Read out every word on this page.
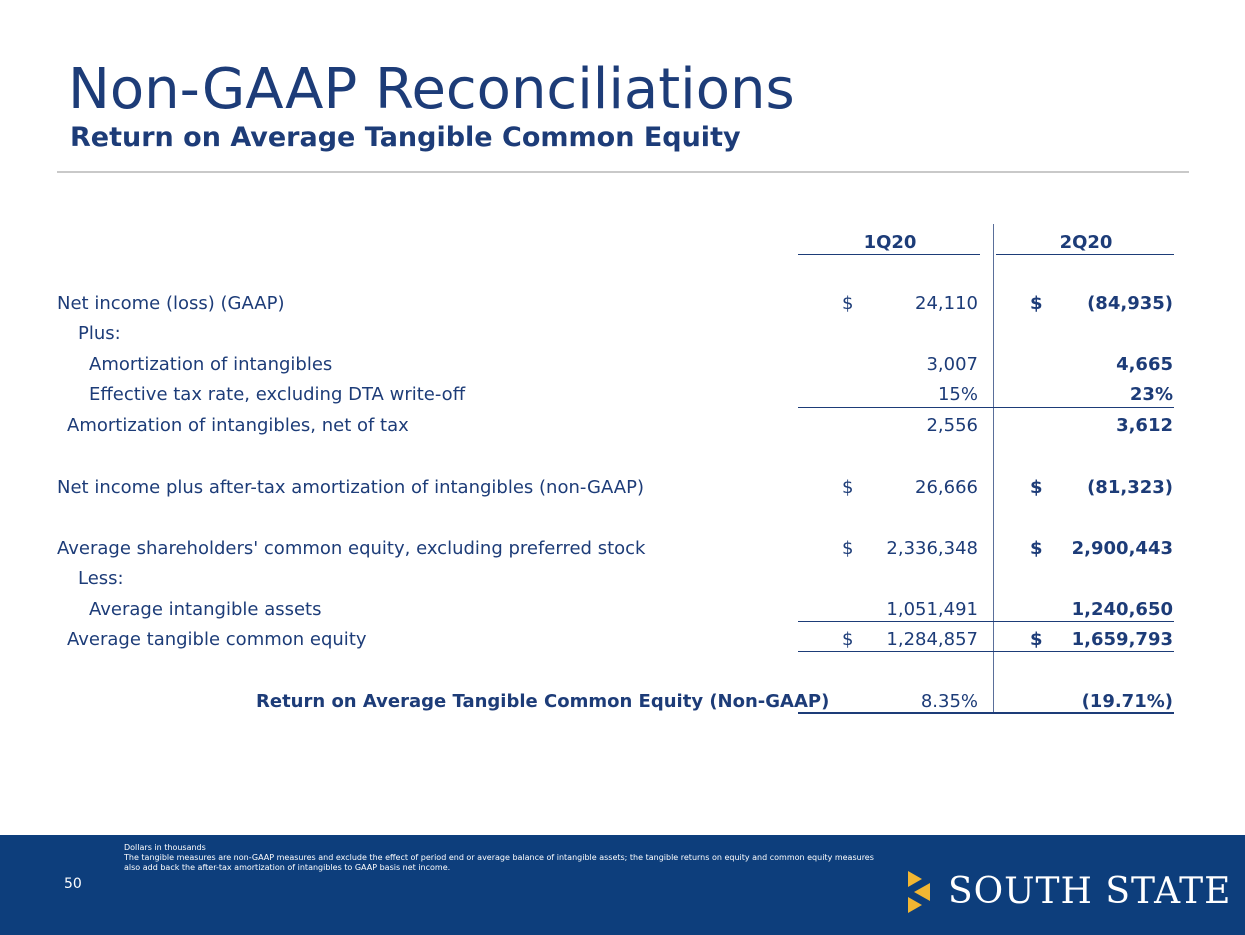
Non-GAAP Reconciliations
Return on Average Tangible Common Equity
1Q20	2Q20
Net income (loss) (GAAP)	$	24,110	$ (84,935)
Plus:
Amortization of intangibles	3,007	4,665
Effective tax rate, excluding DTA write-off	15%	23%
Amortization of intangibles, net of tax	2,556	3,612
Net income plus after-tax amortization of intangibles (non-GAAP)	$	26,666	$ (81,323)
Average shareholders' common equity, excluding preferred stock	$ 2,336,348	$ 2,900,443
Less:
Average intangible assets	1,051,491	1,240,650
Average tangible common equity	$ 1,284,857	$ 1,659,793
Return on Average Tangible Common Equity (Non-GAAP)	8.35%	(19.71%)
50
Dollars in thousands
The tangible measures are non-GAAP measures and exclude the effect of period end or average balance of intangible assets; the tangible returns on equity and common equity measures also add back the after-tax amortization of intangibles to GAAP basis net income.
SOUTH STATE
